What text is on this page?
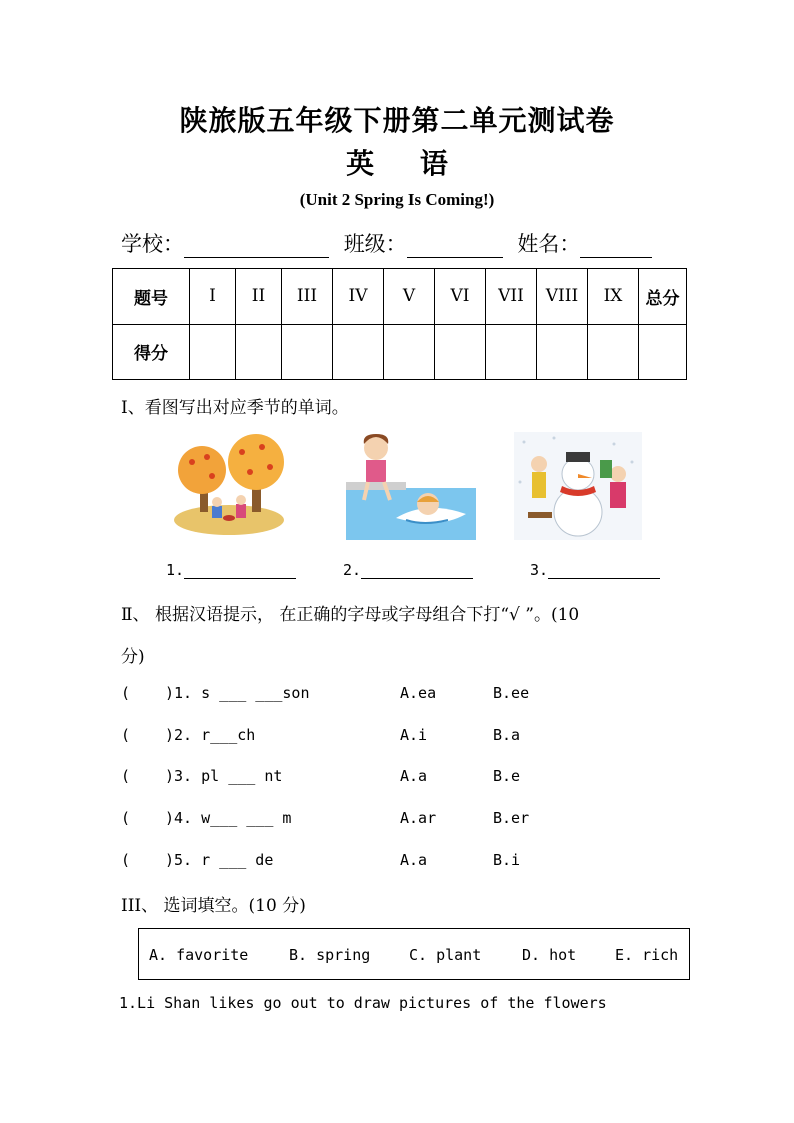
陕旅版五年级下册第二单元测试卷
英 语
(Unit 2 Spring Is Coming!)
学校：	班级：	姓名：
题号	I	II	III	IV	V	VI	VII	VIII	IX	总分
得分										
Ⅰ、看图写出对应季节的单词。
1.	2.	3.
Ⅱ、 根据汉语提示， 在正确的字母或字母组合下打“√ ”。(10
分)
( )1. s ___ ___son	A.ea	B.ee
( )2. r___ch	A.i	B.a
( )3. pl ___ nt	A.a	B.e
( )4. w___ ___ m	A.ar	B.er
( )5. r ___ de	A.a	B.i
III、 选词填空。(10 分)
A. favorite	B. spring	C. plant	D. hot	E. rich
1.Li Shan likes go out to draw pictures of the flowers
